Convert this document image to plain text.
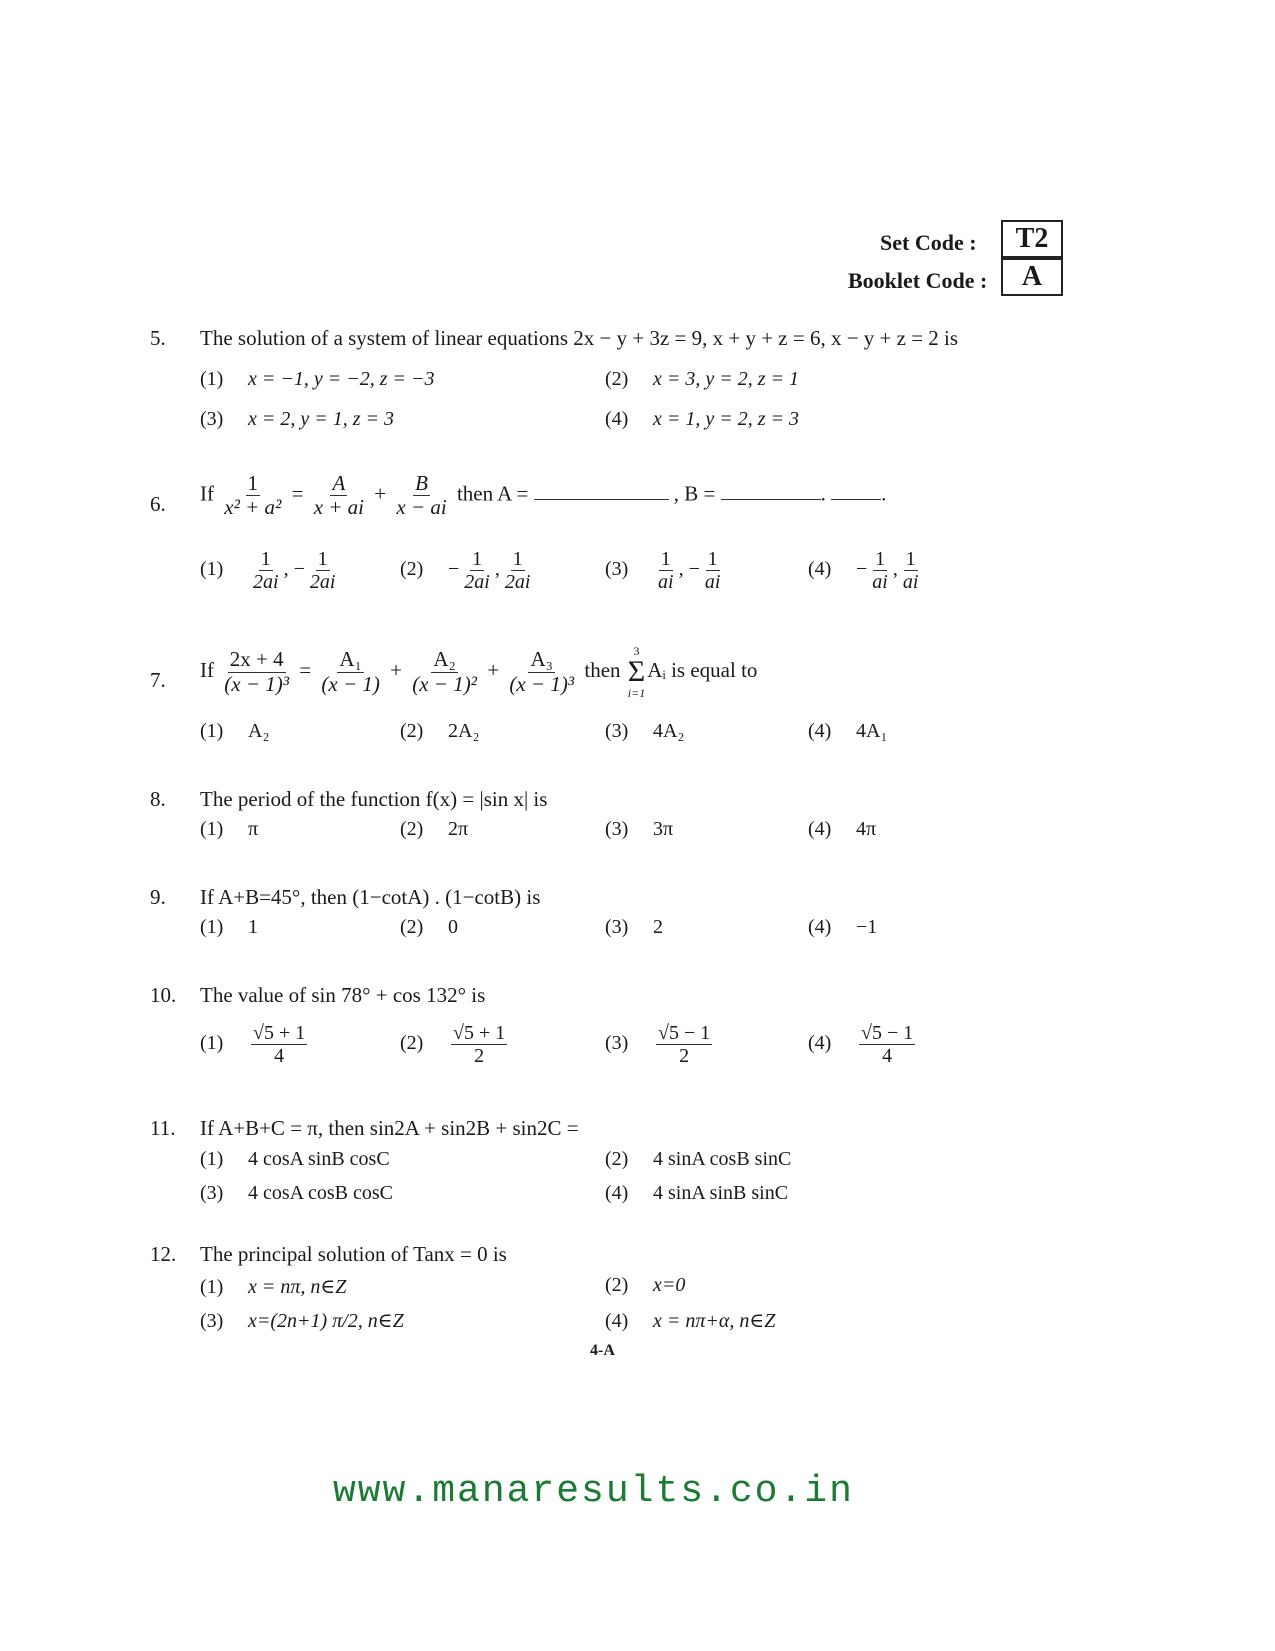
Set Code :	T2
Booklet Code :	A
5. The solution of a system of linear equations 2x − y + 3z = 9, x + y + z = 6, x − y + z = 2 is
(1) x = −1, y = −2, z = −3	(2) x = 3, y = 2, z = 1
(3) x = 2, y = 1, z = 3	(4) x = 1, y = 2, z = 3
6. If $\frac{1}{\text{x² + a²}} = \frac{A}{x + ai} + \frac{B}{x - ai}$ then A =	, B =	. .
$(1) \frac{1}{2ai}$ , − $\frac{1}{2ai}$	$(2) - \frac{1}{2ai}$ , $\frac{1}{2ai}$	$(3) \frac{1}{ai}$ , − $\frac{1}{ai}$	$(4) - \frac{1}{ai}$ , $\frac{1}{ai}$
7. If $\frac{2x + 4}{\text{(x − 1)³}} = \frac{\text{A₁}}{(x - 1)} + \frac{\text{A₂}}{\text{(x − 1)²}} + \frac{\text{A₃}}{\text{(x − 1)³}}$ then
3
Σ
i=1
Aᵢ is equal to
(1) A₂	(2) 2A₂	(3) 4A₂	(4) 4A₁
8. The period of the function f(x) = |sin x| is
(1) π	(2) 2π	(3) 3π	(4) 4π
9. If A+B=45°, then (1−cotA) . (1−cotB) is
(1) 1	(2) 0	(3) 2	(4) −1
10. The value of sin 78° + cos 132° is
$(1) \frac{√5 + 1}{4}$	$(2) \frac{√5 + 1}{2}$	$(3) \frac{√5 - 1}{2}$	$(4) \frac{√5 - 1}{4}$
11. If A+B+C = π, then sin2A + sin2B + sin2C =
(1) 4 cosA sinB cosC	(2) 4 sinA cosB sinC
(3) 4 cosA cosB cosC	(4) 4 sinA sinB sinC
12. The principal solution of Tanx = 0 is
(1) x = nπ, n∈Z	(2) x=0
(3) x=(2n+1) π/2, n∈Z	(4) x = nπ+α, n∈Z
4-A
www.manaresults.co.in
